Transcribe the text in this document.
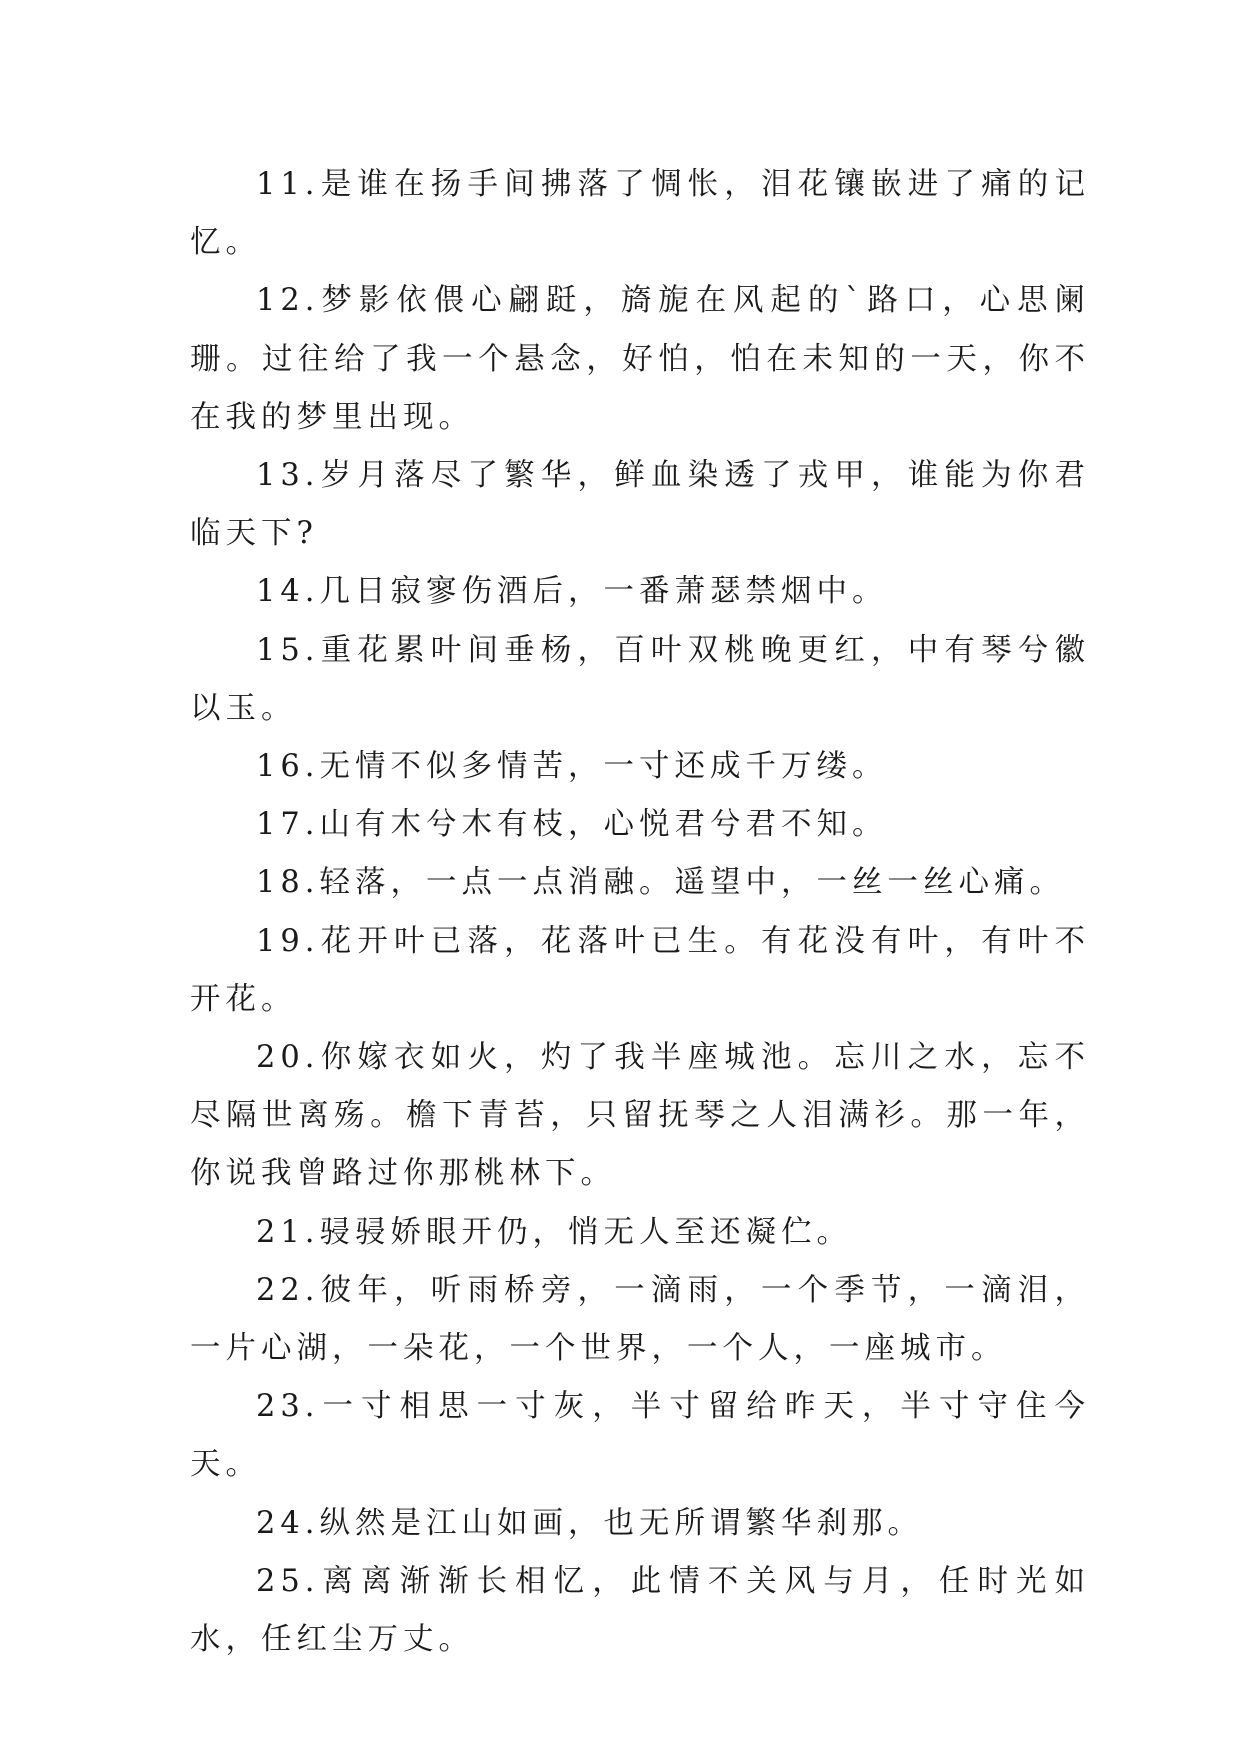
11.是谁在扬手间拂落了惆怅，泪花镶嵌进了痛的记忆。

12.梦影依偎心翩跹，旖旎在风起的`路口，心思阑珊。过往给了我一个悬念，好怕，怕在未知的一天，你不在我的梦里出现。

13.岁月落尽了繁华，鲜血染透了戎甲，谁能为你君临天下?

14.几日寂寥伤酒后，一番萧瑟禁烟中。

15.重花累叶间垂杨，百叶双桃晚更红，中有琴兮徽以玉。

16.无情不似多情苦，一寸还成千万缕。

17.山有木兮木有枝，心悦君兮君不知。

18.轻落，一点一点消融。遥望中，一丝一丝心痛。

19.花开叶已落，花落叶已生。有花没有叶，有叶不开花。

20.你嫁衣如火，灼了我半座城池。忘川之水，忘不尽隔世离殇。檐下青苔，只留抚琴之人泪满衫。那一年，你说我曾路过你那桃林下。

21.骎骎娇眼开仍，悄无人至还凝伫。

22.彼年，听雨桥旁，一滴雨，一个季节，一滴泪，一片心湖，一朵花，一个世界，一个人，一座城市。

23.一寸相思一寸灰，半寸留给昨天，半寸守住今天。

24.纵然是江山如画，也无所谓繁华刹那。

25.离离渐渐长相忆，此情不关风与月，任时光如水，任红尘万丈。
